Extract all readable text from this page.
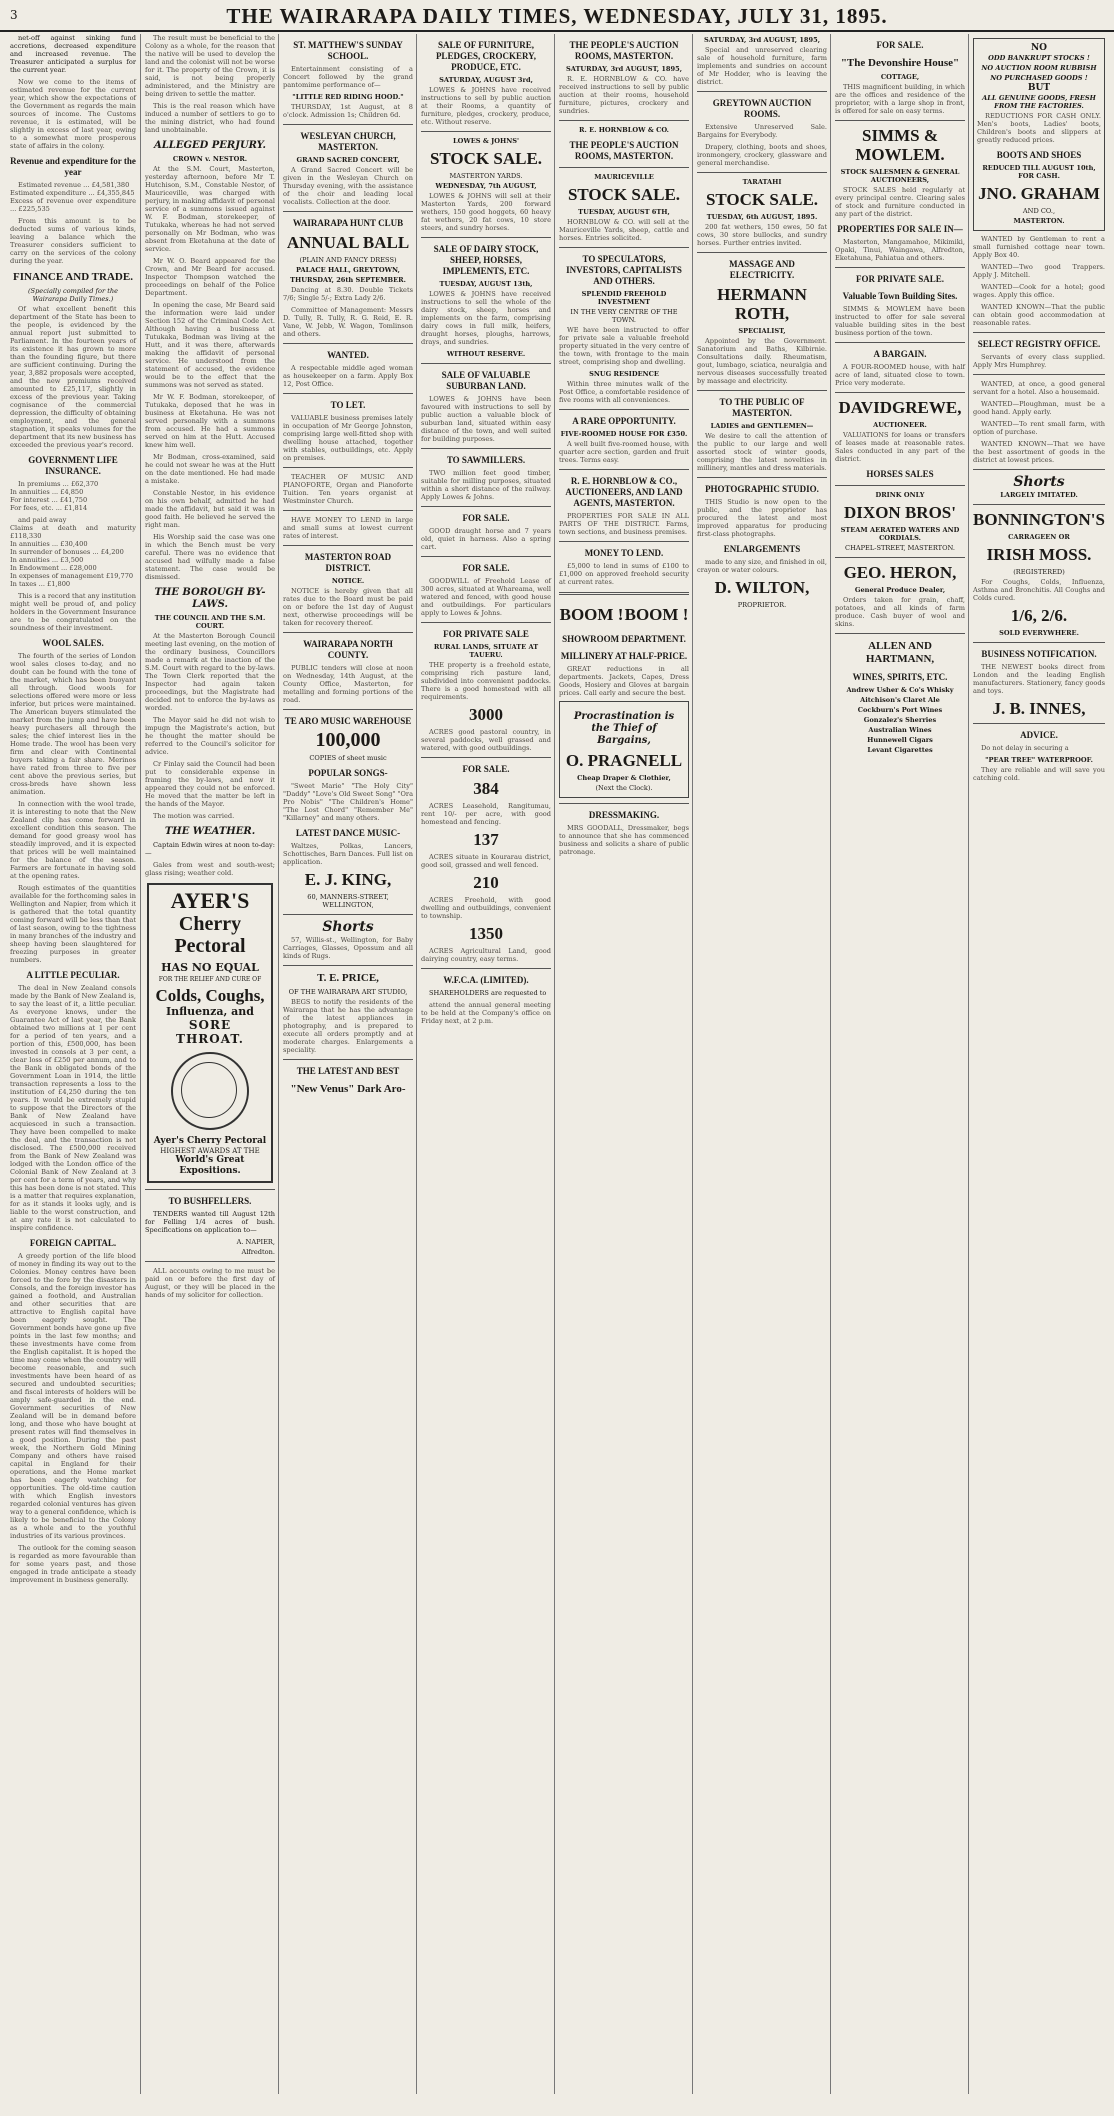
3	THE WAIRARAPA DAILY TIMES, WEDNESDAY, JULY 31, 1895.

net-off against sinking fund accretions, decreased expenditure and increased revenue. The Treasurer anticipated a surplus for the current year.

Now we come to the items of estimated revenue for the current year, which show the expectations of the Government as regards the main sources of income. The Customs revenue, it is estimated, will be slightly in excess of last year, owing to a somewhat more prosperous state of affairs in the colony.

Revenue and expenditure for the year

Estimated revenue ... £4,581,380
Estimated expenditure ... £4,355,845
Excess of revenue over expenditure ... £225,535

From this amount is to be deducted sums of various kinds, leaving a balance which the Treasurer considers sufficient to carry on the services of the colony during the year.

FINANCE AND TRADE.
(Specially compiled for the Wairarapa Daily Times.)

Of what excellent benefit this department of the State has been to the people, is evidenced by the annual report just submitted to Parliament. In the fourteen years of its existence it has grown to more than the founding figure, but there are sufficient continuing. During the year, 3,882 proposals were accepted, and the new premiums received amounted to £25,117, slightly in excess of the previous year. Taking cognisance of the commercial depression, the difficulty of obtaining employment, and the general stagnation, it speaks volumes for the department that its new business has exceeded the previous year's record.

GOVERNMENT LIFE INSURANCE.

In premiums ... £62,370
In annuities ... £4,850
For interest ... £41,750
For fees, etc. ... £1,814

and paid away
Claims at death and maturity £118,330
In annuities ... £30,400
In surrender of bonuses ... £4,200
In annuities ... £3,500
In Endowment ... £28,000
In expenses of management £19,770
In taxes ... £1,800

This is a record that any institution might well be proud of, and policy holders in the Government Insurance are to be congratulated on the soundness of their investment.

WOOL SALES.

The fourth of the series of London wool sales closes to-day, and no doubt can be found with the tone of the market, which has been buoyant all through. Good wools for selections offered were more or less inferior, but prices were maintained. The American buyers stimulated the market from the jump and have been heavy purchasers all through the sales; the chief interest lies in the Home trade. The wool has been very firm and clear with Continental buyers taking a fair share. Merinos have rated from three to five per cent above the previous series, but cross-breds have shown less animation.

In connection with the wool trade, it is interesting to note that the New Zealand clip has come forward in excellent condition this season. The demand for good greasy wool has steadily improved, and it is expected that prices will be well maintained for the balance of the season. Farmers are fortunate in having sold at the opening rates.

Rough estimates of the quantities available for the forthcoming sales in Wellington and Napier, from which it is gathered that the total quantity coming forward will be less than that of last season, owing to the tightness in many branches of the industry and sheep having been slaughtered for freezing purposes in greater numbers.

A LITTLE PECULIAR.

The deal in New Zealand consols made by the Bank of New Zealand is, to say the least of it, a little peculiar. As everyone knows, under the Guarantee Act of last year, the Bank obtained two millions at 1 per cent for a period of ten years, and a portion of this, £500,000, has been invested in consols at 3 per cent, a clear loss of £250 per annum, and to the Bank in obligated bonds of the Government Loan in 1914, the little transaction represents a loss to the institution of £4,250 during the ten years. It would be extremely stupid to suppose that the Directors of the Bank of New Zealand have acquiesced in such a transaction. They have been compelled to make the deal, and the transaction is not disclosed. The £500,000 received from the Bank of New Zealand was lodged with the London office of the Colonial Bank of New Zealand at 3 per cent for a term of years, and why this has been done is not stated. This is a matter that requires explanation, for as it stands it looks ugly, and is liable to the worst construction, and at any rate it is not calculated to inspire confidence.

FOREIGN CAPITAL.

A greedy portion of the life blood of money in finding its way out to the Colonies. Money centres have been forced to the fore by the disasters in Consols, and the foreign investor has gained a foothold, and Australian and other securities that are attractive to English capital have been eagerly sought. The Government bonds have gone up five points in the last few months; and these investments have come from the English capitalist. It is hoped the time may come when the country will become reasonable, and such investments have been heard of as secured and undoubted securities; and fiscal interests of holders will be amply safe-guarded in the end. Government securities of New Zealand will be in demand before long, and those who have bought at present rates will find themselves in a good position. During the past week, the Northern Gold Mining Company and others have raised capital in England for their operations, and the Home market has been eagerly watching for opportunities. The old-time caution with which English investors regarded colonial ventures has given way to a general confidence, which is likely to be beneficial to the Colony as a whole and to the youthful industries of its various provinces.

The outlook for the coming season is regarded as more favourable than for some years past, and those engaged in trade anticipate a steady improvement in business generally.

The result must be beneficial to the Colony as a whole, for the reason that the native will be used to develop the land and the colonist will not be worse for it. The property of the Crown, it is said, is not being properly administered, and the Ministry are being driven to settle the matter.

This is the real reason which have induced a number of settlers to go to the mining district, who had found land unobtainable.

ALLEGED PERJURY.
CROWN v. NESTOR.

At the S.M. Court, Masterton, yesterday afternoon, before Mr T. Hutchison, S.M., Constable Nestor, of Mauriceville, was charged with perjury, in making affidavit of personal service of a summons issued against W. F. Bodman, storekeeper, of Tutukaka, whereas he had not served personally on Mr Bodman, who was absent from Eketahuna at the date of service.

Mr W. O. Beard appeared for the Crown, and Mr Beard for accused. Inspector Thompson watched the proceedings on behalf of the Police Department.

In opening the case, Mr Beard said the information were laid under Section 152 of the Criminal Code Act. Although having a business at Tutukaka, Bodman was living at the Hutt, and it was there, afterwards making the affidavit of personal service. He understood from the statement of accused, the evidence would be to the effect that the summons was not served as stated.

Mr W. F. Bodman, storekeeper, of Tutukaka, deposed that he was in business at Eketahuna. He was not served personally with a summons from accused. He had a summons served on him at the Hutt. Accused knew him well.

Mr Bodman, cross-examined, said he could not swear he was at the Hutt on the date mentioned. He had made a mistake.

Constable Nestor, in his evidence on his own behalf, admitted he had made the affidavit, but said it was in good faith. He believed he served the right man.

His Worship said the case was one in which the Bench must be very careful. There was no evidence that accused had wilfully made a false statement. The case would be dismissed.

THE BOROUGH BY-LAWS.
THE COUNCIL AND THE S.M. COURT.

At the Masterton Borough Council meeting last evening, on the motion of the ordinary business, Councillors made a remark at the inaction of the S.M. Court with regard to the by-laws. The Town Clerk reported that the Inspector had again taken proceedings, but the Magistrate had decided not to enforce the by-laws as worded.

The Mayor said he did not wish to impugn the Magistrate's action, but he thought the matter should be referred to the Council's solicitor for advice.

Cr Finlay said the Council had been put to considerable expense in framing the by-laws, and now it appeared they could not be enforced. He moved that the matter be left in the hands of the Mayor.

The motion was carried.

THE WEATHER.

Captain Edwin wires at noon to-day:—

Gales from west and south-west; glass rising; weather cold.

AYER'S
Cherry Pectoral
HAS NO EQUAL
FOR THE RELIEF AND CURE OF
Colds, Coughs,
Influenza, and
SORE THROAT.
Ayer's Cherry Pectoral
HIGHEST AWARDS AT THE
World's Great Expositions.
TO BUSHFELLERS.

TENDERS wanted till August 12th for Felling 1/4 acres of bush. Specifications on application to—

A. NAPIER,
Alfredton.

ALL accounts owing to me must be paid on or before the first day of August, or they will be placed in the hands of my solicitor for collection.

ST. MATTHEW'S SUNDAY SCHOOL.

Entertainment consisting of a Concert followed by the grand pantomime performance of—

"LITTLE RED RIDING HOOD."

THURSDAY, 1st August, at 8 o'clock. Admission 1s; Children 6d.

WESLEYAN CHURCH, MASTERTON.
GRAND SACRED CONCERT,

A Grand Sacred Concert will be given in the Wesleyan Church on Thursday evening, with the assistance of the choir and leading local vocalists. Collection at the door.

WAIRARAPA HUNT CLUB
ANNUAL BALL
(PLAIN AND FANCY DRESS)
PALACE HALL, GREYTOWN,
THURSDAY, 26th SEPTEMBER.

Dancing at 8.30. Double Tickets 7/6; Single 5/-; Extra Lady 2/6.

Committee of Management: Messrs D. Tully, R. Tully, R. G. Reid, E. R. Vane, W. Jebb, W. Wagon, Tomlinson and others.

WANTED.

A respectable middle aged woman as housekeeper on a farm. Apply Box 12, Post Office.

TO LET.

VALUABLE business premises lately in occupation of Mr George Johnston, comprising large well-fitted shop with dwelling house attached, together with stables, outbuildings, etc. Apply on premises.

TEACHER OF MUSIC AND PIANOFORTE, Organ and Pianoforte Tuition. Ten years organist at Westminster Church.

HAVE MONEY TO LEND in large and small sums at lowest current rates of interest.

MASTERTON ROAD DISTRICT.
NOTICE.

NOTICE is hereby given that all rates due to the Board must be paid on or before the 1st day of August next, otherwise proceedings will be taken for recovery thereof.

WAIRARAPA NORTH COUNTY.

PUBLIC tenders will close at noon on Wednesday, 14th August, at the County Office, Masterton, for metalling and forming portions of the road.

TE ARO MUSIC WAREHOUSE
100,000
COPIES of sheet music
POPULAR SONGS-

"Sweet Marie" "The Holy City" "Daddy" "Love's Old Sweet Song" "Ora Pro Nobis" "The Children's Home" "The Lost Chord" "Remember Me" "Killarney" and many others.

LATEST DANCE MUSIC-

Waltzes, Polkas, Lancers, Schottisches, Barn Dances. Full list on application.

E. J. KING,
60, MANNERS-STREET, WELLINGTON,
Shorts

57, Willis-st., Wellington, for Baby Carriages, Glasses, Opossum and all kinds of Rugs.

T. E. PRICE,
OF THE WAIRARAPA ART STUDIO,

BEGS to notify the residents of the Wairarapa that he has the advantage of the latest appliances in photography, and is prepared to execute all orders promptly and at moderate charges. Enlargements a speciality.

THE LATEST AND BEST
"New Venus" Dark Aro-
SALE OF FURNITURE, PLEDGES, CROCKERY, PRODUCE, ETC.
SATURDAY, AUGUST 3rd,

LOWES & JOHNS have received instructions to sell by public auction at their Rooms, a quantity of furniture, pledges, crockery, produce, etc. Without reserve.

LOWES & JOHNS'
STOCK SALE.
MASTERTON YARDS.
WEDNESDAY, 7th AUGUST,

LOWES & JOHNS will sell at their Masterton Yards, 200 forward wethers, 150 good hoggets, 60 heavy fat wethers, 20 fat cows, 10 store steers, and sundry horses.

SALE OF DAIRY STOCK, SHEEP, HORSES, IMPLEMENTS, ETC.
TUESDAY, AUGUST 13th,

LOWES & JOHNS have received instructions to sell the whole of the dairy stock, sheep, horses and implements on the farm, comprising dairy cows in full milk, heifers, draught horses, ploughs, harrows, drays, and sundries.

WITHOUT RESERVE.
SALE OF VALUABLE SUBURBAN LAND.

LOWES & JOHNS have been favoured with instructions to sell by public auction a valuable block of suburban land, situated within easy distance of the town, and well suited for building purposes.

TO SAWMILLERS.

TWO million feet good timber, suitable for milling purposes, situated within a short distance of the railway. Apply Lowes & Johns.

FOR SALE.

GOOD draught horse and 7 years old, quiet in harness. Also a spring cart.

FOR SALE.

GOODWILL of Freehold Lease of 300 acres, situated at Whareama, well watered and fenced, with good house and outbuildings. For particulars apply to Lowes & Johns.

FOR PRIVATE SALE
RURAL LANDS, SITUATE AT TAUERU.

THE property is a freehold estate, comprising rich pasture land, subdivided into convenient paddocks. There is a good homestead with all requirements.

3000

ACRES good pastoral country, in several paddocks, well grassed and watered, with good outbuildings.

FOR SALE.
384

ACRES Leasehold, Rangitumau, rent 10/- per acre, with good homestead and fencing.

137

ACRES situate in Kourarau district, good soil, grassed and well fenced.

210

ACRES Freehold, with good dwelling and outbuildings, convenient to township.

1350

ACRES Agricultural Land, good dairying country, easy terms.

W.F.C.A. (LIMITED).

SHAREHOLDERS are requested to

attend the annual general meeting to be held at the Company's office on Friday next, at 2 p.m.

THE PEOPLE'S AUCTION ROOMS, MASTERTON.
SATURDAY, 3rd AUGUST, 1895,

R. E. HORNBLOW & CO. have received instructions to sell by public auction at their rooms, household furniture, pictures, crockery and sundries.

R. E. HORNBLOW & CO.
THE PEOPLE'S AUCTION ROOMS, MASTERTON.
MAURICEVILLE
STOCK SALE.
TUESDAY, AUGUST 6TH,

HORNBLOW & CO. will sell at the Mauriceville Yards, sheep, cattle and horses. Entries solicited.

TO SPECULATORS, INVESTORS, CAPITALISTS AND OTHERS.
SPLENDID FREEHOLD INVESTMENT
IN THE VERY CENTRE OF THE TOWN.

WE have been instructed to offer for private sale a valuable freehold property situated in the very centre of the town, with frontage to the main street, comprising shop and dwelling.

SNUG RESIDENCE

Within three minutes walk of the Post Office, a comfortable residence of five rooms with all conveniences.

A RARE OPPORTUNITY.
FIVE-ROOMED HOUSE FOR £350.

A well built five-roomed house, with quarter acre section, garden and fruit trees. Terms easy.

R. E. HORNBLOW & CO., AUCTIONEERS, AND LAND AGENTS, MASTERTON.

PROPERTIES FOR SALE IN ALL PARTS OF THE DISTRICT. Farms, town sections, and business premises.

MONEY TO LEND.

£5,000 to lend in sums of £100 to £1,000 on approved freehold security at current rates.

BOOM ! BOOM !
SHOWROOM DEPARTMENT.
MILLINERY AT HALF-PRICE.

GREAT reductions in all departments. Jackets, Capes, Dress Goods, Hosiery and Gloves at bargain prices. Call early and secure the best.

Procrastination is the Thief of Bargains,
O. PRAGNELL
Cheap Draper & Clothier,
(Next the Clock).
DRESSMAKING.

MRS GOODALL, Dressmaker, begs to announce that she has commenced business and solicits a share of public patronage.

SATURDAY, 3rd AUGUST, 1895,

Special and unreserved clearing sale of household furniture, farm implements and sundries on account of Mr Hodder, who is leaving the district.

GREYTOWN AUCTION ROOMS.

Extensive Unreserved Sale. Bargains for Everybody.

Drapery, clothing, boots and shoes, ironmongery, crockery, glassware and general merchandise.

TARATAHI
STOCK SALE.
TUESDAY, 6th AUGUST, 1895.

200 fat wethers, 150 ewes, 50 fat cows, 30 store bullocks, and sundry horses. Further entries invited.

MASSAGE AND ELECTRICITY.
HERMANN ROTH,
SPECIALIST,

Appointed by the Government. Sanatorium and Baths, Kilbirnie. Consultations daily. Rheumatism, gout, lumbago, sciatica, neuralgia and nervous diseases successfully treated by massage and electricity.

TO THE PUBLIC OF MASTERTON.
LADIES and GENTLEMEN—

We desire to call the attention of the public to our large and well assorted stock of winter goods, comprising the latest novelties in millinery, mantles and dress materials.

PHOTOGRAPHIC STUDIO.

THIS Studio is now open to the public, and the proprietor has procured the latest and most improved apparatus for producing first-class photographs.

ENLARGEMENTS

made to any size, and finished in oil, crayon or water colours.

D. WILTON,
PROPRIETOR.
FOR SALE.
"The Devonshire House"
COTTAGE,

THIS magnificent building, in which are the offices and residence of the proprietor, with a large shop in front, is offered for sale on easy terms.

SIMMS & MOWLEM.
STOCK SALESMEN & GENERAL AUCTIONEERS,

STOCK SALES held regularly at every principal centre. Clearing sales of stock and furniture conducted in any part of the district.

PROPERTIES FOR SALE IN—

Masterton, Mangamahoe, Mikimiki, Opaki, Tinui, Waingawa, Alfredton, Eketahuna, Pahiatua and others.

FOR PRIVATE SALE.
Valuable Town Building Sites.

SIMMS & MOWLEM have been instructed to offer for sale several valuable building sites in the best business portion of the town.

A BARGAIN.

A FOUR-ROOMED house, with half acre of land, situated close to town. Price very moderate.

DAVIDGREWE,
AUCTIONEER.

VALUATIONS for loans or transfers of leases made at reasonable rates. Sales conducted in any part of the district.

HORSES SALES
DRINK ONLY
DIXON BROS'
STEAM AERATED WATERS AND CORDIALS.
CHAPEL-STREET, MASTERTON.
GEO. HERON,
General Produce Dealer,

Orders taken for grain, chaff, potatoes, and all kinds of farm produce. Cash buyer of wool and skins.

ALLEN AND HARTMANN,
WINES, SPIRITS, ETC.
Andrew Usher & Co's Whisky
Aitchison's Claret Ale
Cockburn's Port Wines
Gonzalez's Sherries
Australian Wines
Hunnewell Cigars
Levant Cigarettes
NO
ODD BANKRUPT STOCKS !
NO AUCTION ROOM RUBBISH
NO PURCHASED GOODS !
BUT
ALL GENUINE GOODS, FRESH FROM THE FACTORIES.

REDUCTIONS FOR CASH ONLY. Men's boots, Ladies' boots, Children's boots and slippers at greatly reduced prices.

BOOTS AND SHOES
REDUCED TILL AUGUST 10th, FOR CASH.
JNO. GRAHAM
AND CO.,
MASTERTON.

WANTED by Gentleman to rent a small furnished cottage near town. Apply Box 40.

WANTED—Two good Trappers. Apply J. Mitchell.

WANTED—Cook for a hotel; good wages. Apply this office.

WANTED KNOWN—That the public can obtain good accommodation at reasonable rates.

SELECT REGISTRY OFFICE.

Servants of every class supplied. Apply Mrs Humphrey.

WANTED, at once, a good general servant for a hotel. Also a housemaid.

WANTED—Ploughman, must be a good hand. Apply early.

WANTED—To rent small farm, with option of purchase.

WANTED KNOWN—That we have the best assortment of goods in the district at lowest prices.

Shorts
LARGELY IMITATED.
BONNINGTON'S
CARRAGEEN OR
IRISH MOSS.
(REGISTERED)

For Coughs, Colds, Influenza, Asthma and Bronchitis. All Coughs and Colds cured.

1/6, 2/6.
SOLD EVERYWHERE.
BUSINESS NOTIFICATION.

THE NEWEST books direct from London and the leading English manufacturers. Stationery, fancy goods and toys.

J. B. INNES,
ADVICE.

Do not delay in securing a

"PEAR TREE" WATERPROOF.

They are reliable and will save you catching cold.
